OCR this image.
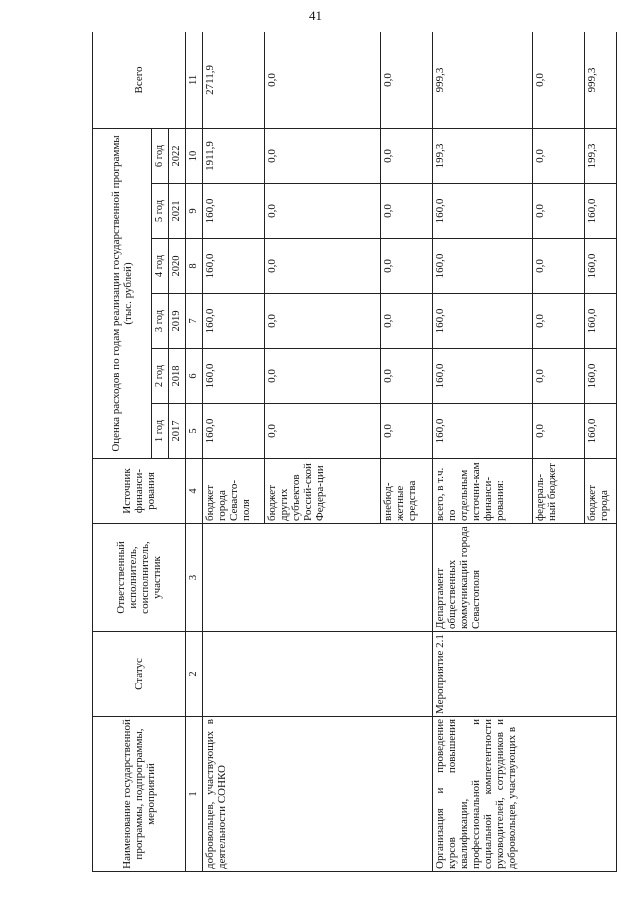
41
Наименование государственной программы, подпрограммы, мероприятий	Статус	Ответственный исполнитель, соисполнитель, участник	Источник финанси-рования	Оценка расходов по годам реализации государственной программы (тыс. рублей)						Всего
				1 год	2 год	3 год	4 год	5 год	6 год	
				2017	2018	2019	2020	2021	2022	
1	2	3	4	5	6	7	8	9	10	11
добровольцев, участвующих в деятельности СОНКО			бюджет города Севасто-поля	160,0	160,0	160,0	160,0	160,0	1911,9	2711,9
			бюджет других субъектов Россий-ской Федера-ции	0,0	0,0	0,0	0,0	0,0	0,0	0,0
			внебюд-жетные средства	0,0	0,0	0,0	0,0	0,0	0,0	0,0
Организация и проведение курсов повышения квалификации, профессиональной и социальной компетентности руководителей, сотрудников и добровольцев, участвующих в	Мероприятие 2.1	Департамент общественных коммуникаций города Севастополя	всего, в т.ч. по отдельным источни-кам финанси-рования:	160,0	160,0	160,0	160,0	160,0	199,3	999,3
			федераль-ный бюджет	0,0	0,0	0,0	0,0	0,0	0,0	0,0
			бюджет города	160,0	160,0	160,0	160,0	160,0	199,3	999,3
